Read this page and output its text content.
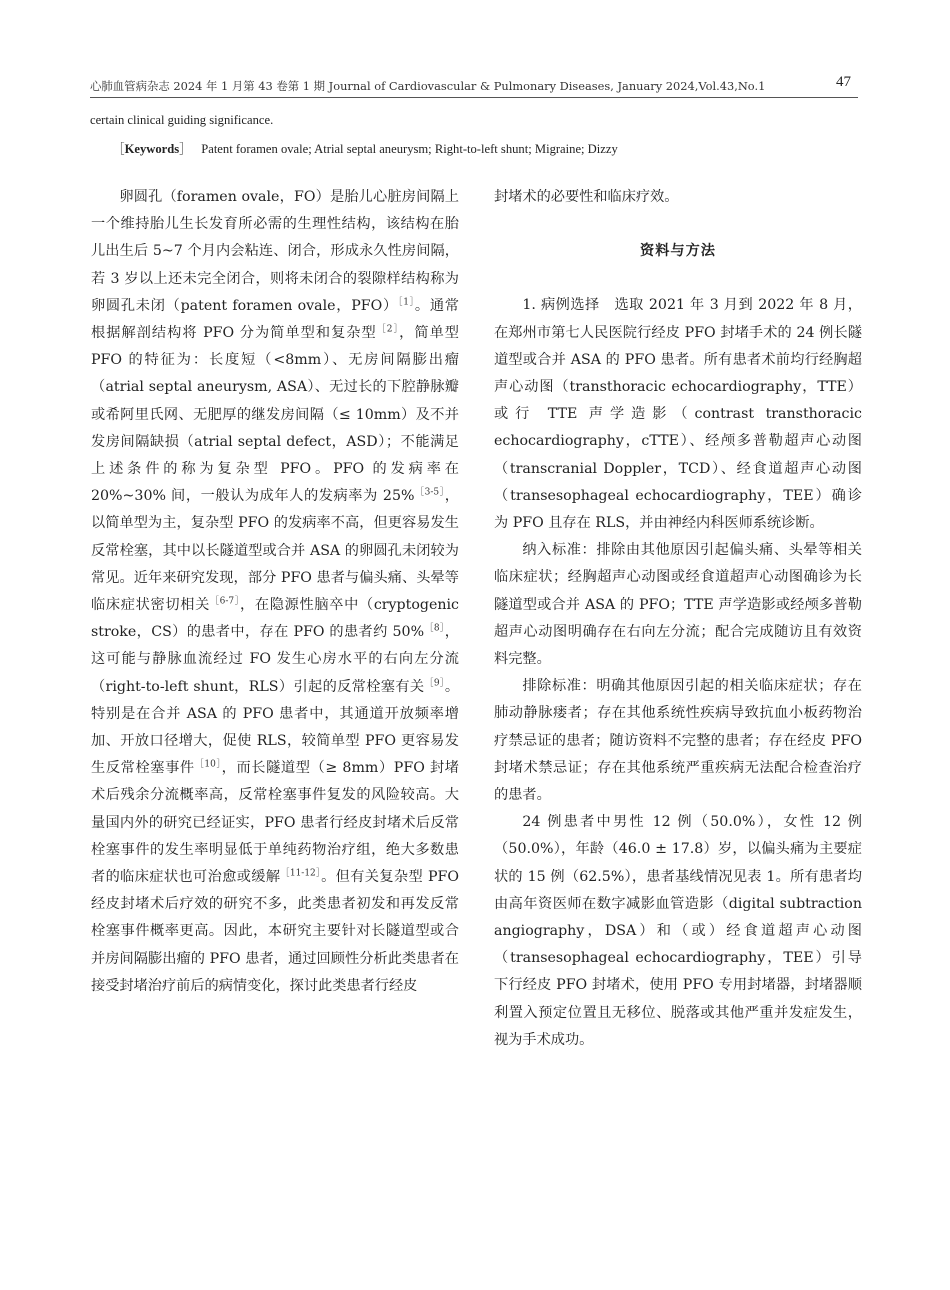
心肺血管病杂志 2024 年 1 月第 43 卷第 1 期 Journal of Cardiovascular & Pulmonary Diseases, January 2024,Vol.43,No.1	47
certain clinical guiding significance.
［Keywords］ Patent foramen ovale; Atrial septal aneurysm; Right-to-left shunt; Migraine; Dizzy

卵圆孔（foramen ovale，FO）是胎儿心脏房间隔上一个维持胎儿生长发育所必需的生理性结构，该结构在胎儿出生后 5~7 个月内会粘连、闭合，形成永久性房间隔，若 3 岁以上还未完全闭合，则将未闭合的裂隙样结构称为卵圆孔未闭（patent foramen ovale，PFO）$^{[1]}$。通常根据解剖结构将 PFO 分为简单型和复杂型$^{[2]}$，简单型 PFO 的特征为：长度短（<8mm）、无房间隔膨出瘤（atrial septal aneurysm, ASA）、无过长的下腔静脉瓣或希阿里氏网、无肥厚的继发房间隔（≤ 10mm）及不并发房间隔缺损（atrial septal defect，ASD）；不能满足上述条件的称为复杂型 PFO。PFO 的发病率在 20%~30% 间，一般认为成年人的发病率为 25%$^{[3-5]}$，以简单型为主，复杂型 PFO 的发病率不高，但更容易发生反常栓塞，其中以长隧道型或合并 ASA 的卵圆孔未闭较为常见。近年来研究发现，部分 PFO 患者与偏头痛、头晕等临床症状密切相关$^{[6-7]}$，在隐源性脑卒中（cryptogenic stroke，CS）的患者中，存在 PFO 的患者约 50%$^{[8]}$，这可能与静脉血流经过 FO 发生心房水平的右向左分流（right-to-left shunt，RLS）引起的反常栓塞有关$^{[9]}$。特别是在合并 ASA 的 PFO 患者中，其通道开放频率增加、开放口径增大，促使 RLS，较简单型 PFO 更容易发生反常栓塞事件$^{[10]}$，而长隧道型（≥ 8mm）PFO 封堵术后残余分流概率高，反常栓塞事件复发的风险较高。大量国内外的研究已经证实，PFO 患者行经皮封堵术后反常栓塞事件的发生率明显低于单纯药物治疗组，绝大多数患者的临床症状也可治愈或缓解$^{[11-12]}$。但有关复杂型 PFO 经皮封堵术后疗效的研究不多，此类患者初发和再发反常栓塞事件概率更高。因此，本研究主要针对长隧道型或合并房间隔膨出瘤的 PFO 患者，通过回顾性分析此类患者在接受封堵治疗前后的病情变化，探讨此类患者行经皮

封堵术的必要性和临床疗效。

资料与方法

1. 病例选择　选取 2021 年 3 月到 2022 年 8 月，在郑州市第七人民医院行经皮 PFO 封堵手术的 24 例长隧道型或合并 ASA 的 PFO 患者。所有患者术前均行经胸超声心动图（transthoracic echocardiography，TTE）或行 TTE 声学造影（contrast transthoracic echocardiography，cTTE）、经颅多普勒超声心动图（transcranial Doppler，TCD）、经食道超声心动图（transesophageal echocardiography，TEE）确诊为 PFO 且存在 RLS，并由神经内科医师系统诊断。

纳入标准：排除由其他原因引起偏头痛、头晕等相关临床症状；经胸超声心动图或经食道超声心动图确诊为长隧道型或合并 ASA 的 PFO；TTE 声学造影或经颅多普勒超声心动图明确存在右向左分流；配合完成随访且有效资料完整。

排除标准：明确其他原因引起的相关临床症状；存在肺动静脉瘘者；存在其他系统性疾病导致抗血小板药物治疗禁忌证的患者；随访资料不完整的患者；存在经皮 PFO 封堵术禁忌证；存在其他系统严重疾病无法配合检查治疗的患者。

24 例患者中男性 12 例（50.0%），女性 12 例（50.0%），年龄（46.0 ± 17.8）岁，以偏头痛为主要症状的 15 例（62.5%），患者基线情况见表 1。所有患者均由高年资医师在数字减影血管造影（digital subtraction angiography，DSA）和（或）经食道超声心动图（transesophageal echocardiography，TEE）引导下行经皮 PFO 封堵术，使用 PFO 专用封堵器，封堵器顺利置入预定位置且无移位、脱落或其他严重并发症发生，视为手术成功。
